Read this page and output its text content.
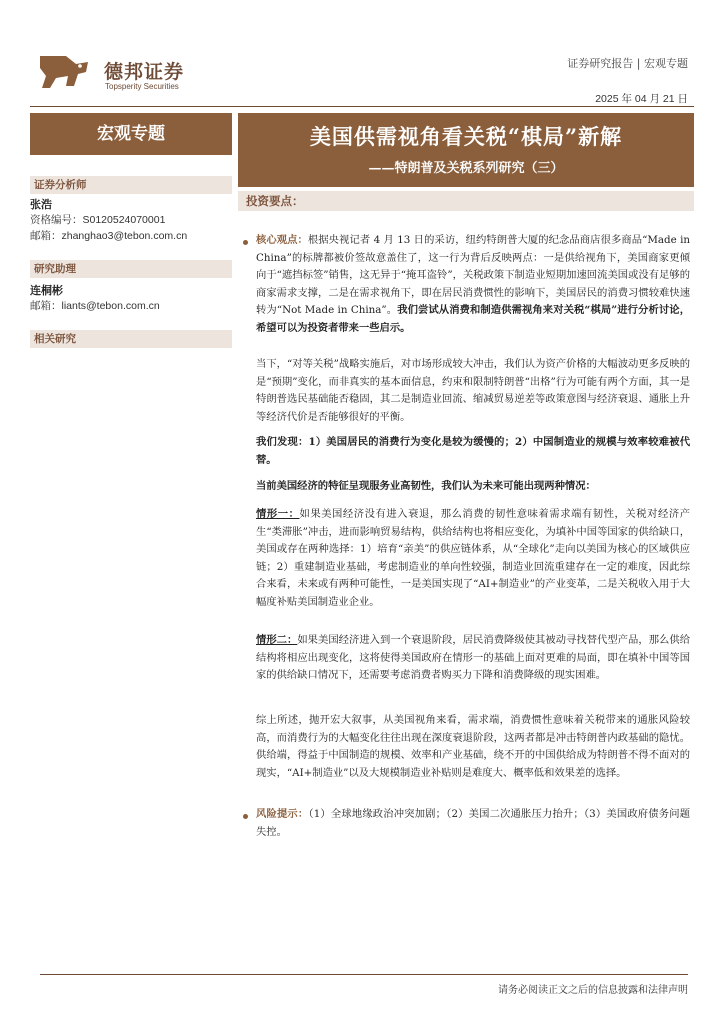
德邦证券
Topsperity Securities
证券研究报告 | 宏观专题
2025 年 04 月 21 日
宏观专题
证券分析师
张浩
资格编号：S0120524070001
邮箱：zhanghao3@tebon.com.cn
研究助理
连桐彬
邮箱：liants@tebon.com.cn
相关研究
美国供需视角看关税“棋局”新解
——特朗普及关税系列研究（三）
投资要点：
核心观点：根据央视记者 4 月 13 日的采访，纽约特朗普大厦的纪念品商店很多商品“Made in China”的标牌都被价签故意盖住了，这一行为背后反映两点：一是供给视角下，美国商家更倾向于“遮挡标签”销售，这无异于“掩耳盗铃”，关税政策下制造业短期加速回流美国或没有足够的商家需求支撑，二是在需求视角下，即在居民消费惯性的影响下，美国居民的消费习惯较难快速转为“Not Made in China”。我们尝试从消费和制造供需视角来对关税“棋局”进行分析讨论，希望可以为投资者带来一些启示。
当下，“对等关税”战略实施后，对市场形成较大冲击，我们认为资产价格的大幅波动更多反映的是“预期”变化，而非真实的基本面信息，约束和限制特朗普“出格”行为可能有两个方面，其一是特朗普选民基础能否稳固，其二是制造业回流、缩减贸易逆差等政策意图与经济衰退、通胀上升等经济代价是否能够很好的平衡。
我们发现：1）美国居民的消费行为变化是较为缓慢的；2）中国制造业的规模与效率较难被代替。
当前美国经济的特征呈现服务业高韧性，我们认为未来可能出现两种情况：
情形一：如果美国经济没有进入衰退，那么消费的韧性意味着需求端有韧性，关税对经济产生“类滞胀”冲击，进而影响贸易结构，供给结构也将相应变化，为填补中国等国家的供给缺口，美国或存在两种选择：1）培育“亲美”的供应链体系，从“全球化”走向以美国为核心的区域供应链；2）重建制造业基础，考虑制造业的单向性较强，制造业回流重建存在一定的难度，因此综合来看，未来或有两种可能性，一是美国实现了“AI+制造业”的产业变革，二是关税收入用于大幅度补贴美国制造业企业。
情形二：如果美国经济进入到一个衰退阶段，居民消费降级使其被动寻找替代型产品，那么供给结构将相应出现变化，这将使得美国政府在情形一的基础上面对更难的局面，即在填补中国等国家的供给缺口情况下，还需要考虑消费者购买力下降和消费降级的现实困难。
综上所述，抛开宏大叙事，从美国视角来看，需求端，消费惯性意味着关税带来的通胀风险较高，而消费行为的大幅变化往往出现在深度衰退阶段，这两者都是冲击特朗普内政基础的隐忧。供给端，得益于中国制造的规模、效率和产业基础，绕不开的中国供给成为特朗普不得不面对的现实，“AI+制造业”以及大规模制造业补贴则是难度大、概率低和效果差的选择。
风险提示：（1）全球地缘政治冲突加剧；（2）美国二次通胀压力抬升；（3）美国政府债务问题失控。
请务必阅读正文之后的信息披露和法律声明
